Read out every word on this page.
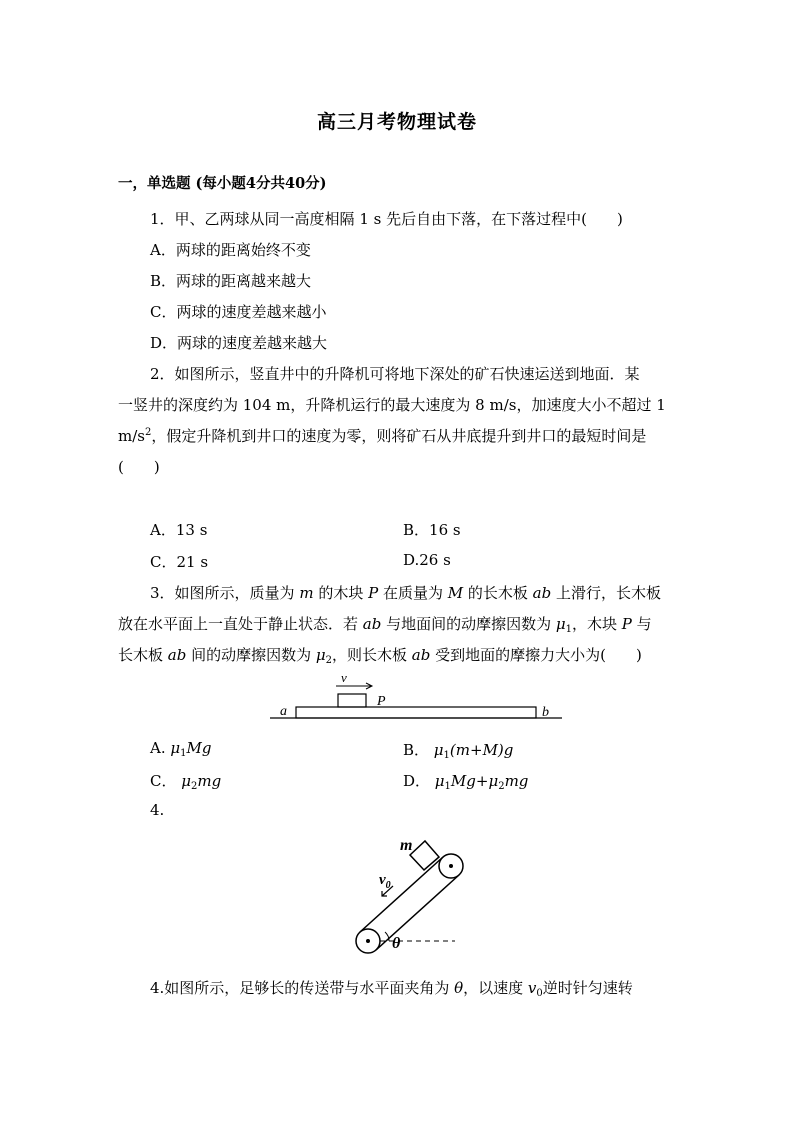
高三月考物理试卷
一，单选题 (每小题4分共40分)
1．甲、乙两球从同一高度相隔 1 s 先后自由下落，在下落过程中(　　)
A．两球的距离始终不变
B．两球的距离越来越大
C．两球的速度差越来越小
D．两球的速度差越来越大
2．如图所示，竖直井中的升降机可将地下深处的矿石快速运送到地面．某
一竖井的深度约为 104 m，升降机运行的最大速度为 8 m/s，加速度大小不超过 1
$m/s^2$，假定升降机到井口的速度为零，则将矿石从井底提升到井口的最短时间是
(　　)
A．13 s	B．16 s
C．21 s	D.26 s
3．如图所示，质量为 m 的木块 P 在质量为 M 的长木板 ab 上滑行，长木板
放在水平面上一直处于静止状态．若 ab 与地面间的动摩擦因数为 $\mu_1$，木块 P 与
长木板 ab 间的动摩擦因数为 $\mu_2$，则长木板 ab 受到地面的摩擦力大小为(　　)
v
P
a	b
A. $\mu_1Mg$	B． $\mu_1(m+M)g$
C． $\mu_2mg$	D． $\mu_1Mg+\mu_2mg$
4.
m
$v_0$
θ
4.如图所示，足够长的传送带与水平面夹角为 θ，以速度 $v_0$逆时针匀速转
